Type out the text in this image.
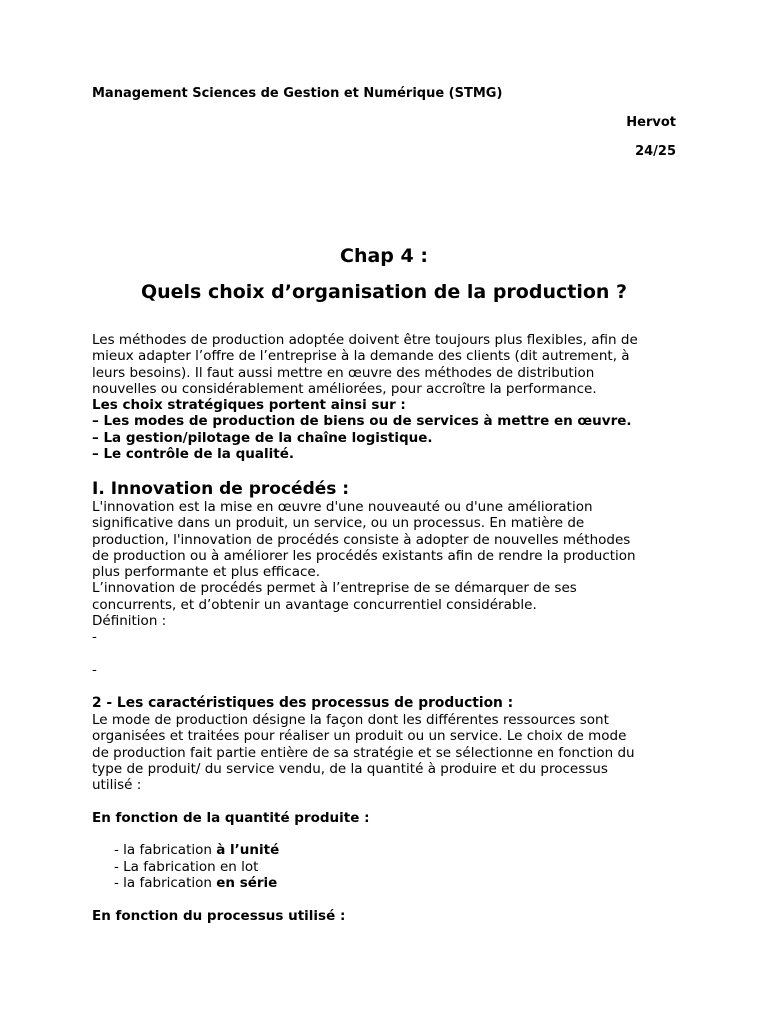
Management Sciences de Gestion et Numérique (STMG)
Hervot
24/25
Chap 4 :
Quels choix d’organisation de la production ?

Les méthodes de production adoptée doivent être toujours plus flexibles, afin de

mieux adapter l’offre de l’entreprise à la demande des clients (dit autrement, à

leurs besoins). Il faut aussi mettre en œuvre des méthodes de distribution

nouvelles ou considérablement améliorées, pour accroître la performance.

Les choix stratégiques portent ainsi sur :

– Les modes de production de biens ou de services à mettre en œuvre.

– La gestion/pilotage de la chaîne logistique.

– Le contrôle de la qualité.

I. Innovation de procédés :

L'innovation est la mise en œuvre d'une nouveauté ou d'une amélioration

significative dans un produit, un service, ou un processus. En matière de

production, l'innovation de procédés consiste à adopter de nouvelles méthodes

de production ou à améliorer les procédés existants afin de rendre la production

plus performante et plus efficace.

L’innovation de procédés permet à l’entreprise de se démarquer de ses

concurrents, et d’obtenir un avantage concurrentiel considérable.

Définition :

-

-

2 - Les caractéristiques des processus de production :

Le mode de production désigne la façon dont les différentes ressources sont

organisées et traitées pour réaliser un produit ou un service. Le choix de mode

de production fait partie entière de sa stratégie et se sélectionne en fonction du

type de produit/ du service vendu, de la quantité à produire et du processus

utilisé :

En fonction de la quantité produite :

- la fabrication à l’unité

- La fabrication en lot

- la fabrication en série

En fonction du processus utilisé :
